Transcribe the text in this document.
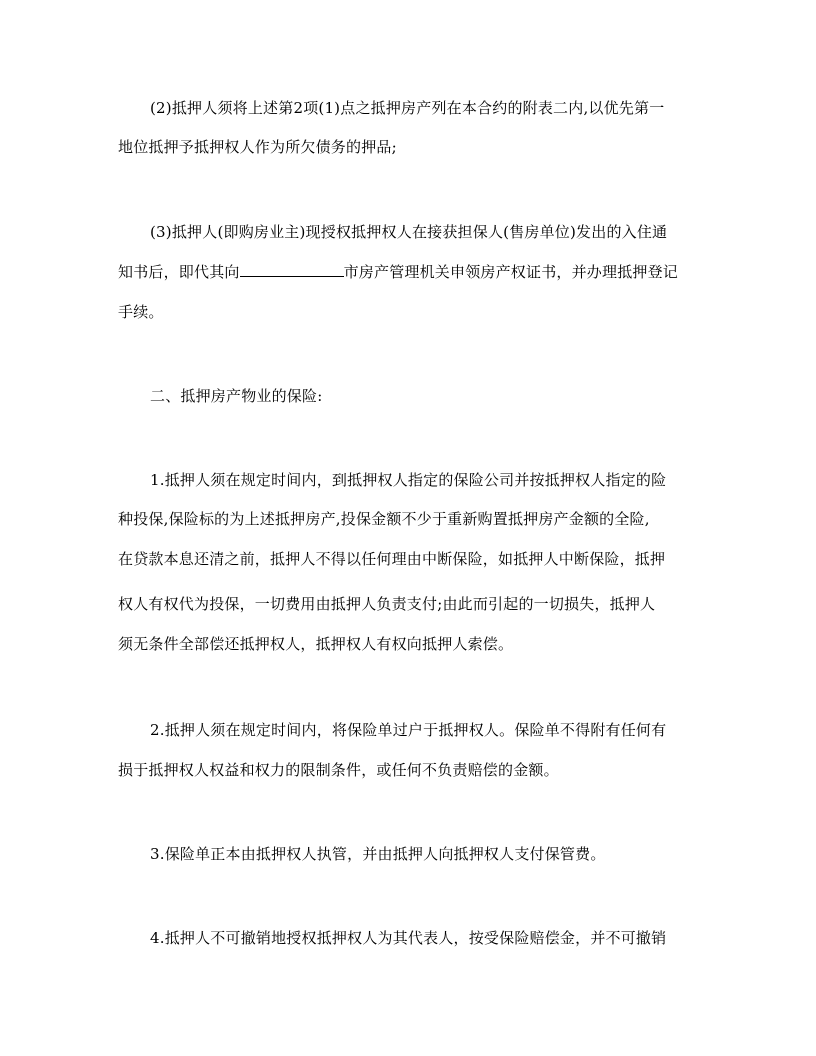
(2)抵押人须将上述第2项(1)点之抵押房产列在本合约的附表二内,以优先第一
地位抵押予抵押权人作为所欠债务的押品;
(3)抵押人(即购房业主)现授权抵押权人在接获担保人(售房单位)发出的入住通
知书后，即代其向	市房产管理机关申领房产权证书，并办理抵押登记
手续。
二、抵押房产物业的保险:
1.抵押人须在规定时间内，到抵押权人指定的保险公司并按抵押权人指定的险
种投保,保险标的为上述抵押房产,投保金额不少于重新购置抵押房产金额的全险,
在贷款本息还清之前，抵押人不得以任何理由中断保险，如抵押人中断保险，抵押
权人有权代为投保，一切费用由抵押人负责支付;由此而引起的一切损失，抵押人
须无条件全部偿还抵押权人，抵押权人有权向抵押人索偿。
2.抵押人须在规定时间内，将保险单过户于抵押权人。保险单不得附有任何有
损于抵押权人权益和权力的限制条件，或任何不负责赔偿的金额。
3.保险单正本由抵押权人执管，并由抵押人向抵押权人支付保管费。
4.抵押人不可撤销地授权抵押权人为其代表人，按受保险赔偿金，并不可撤销
